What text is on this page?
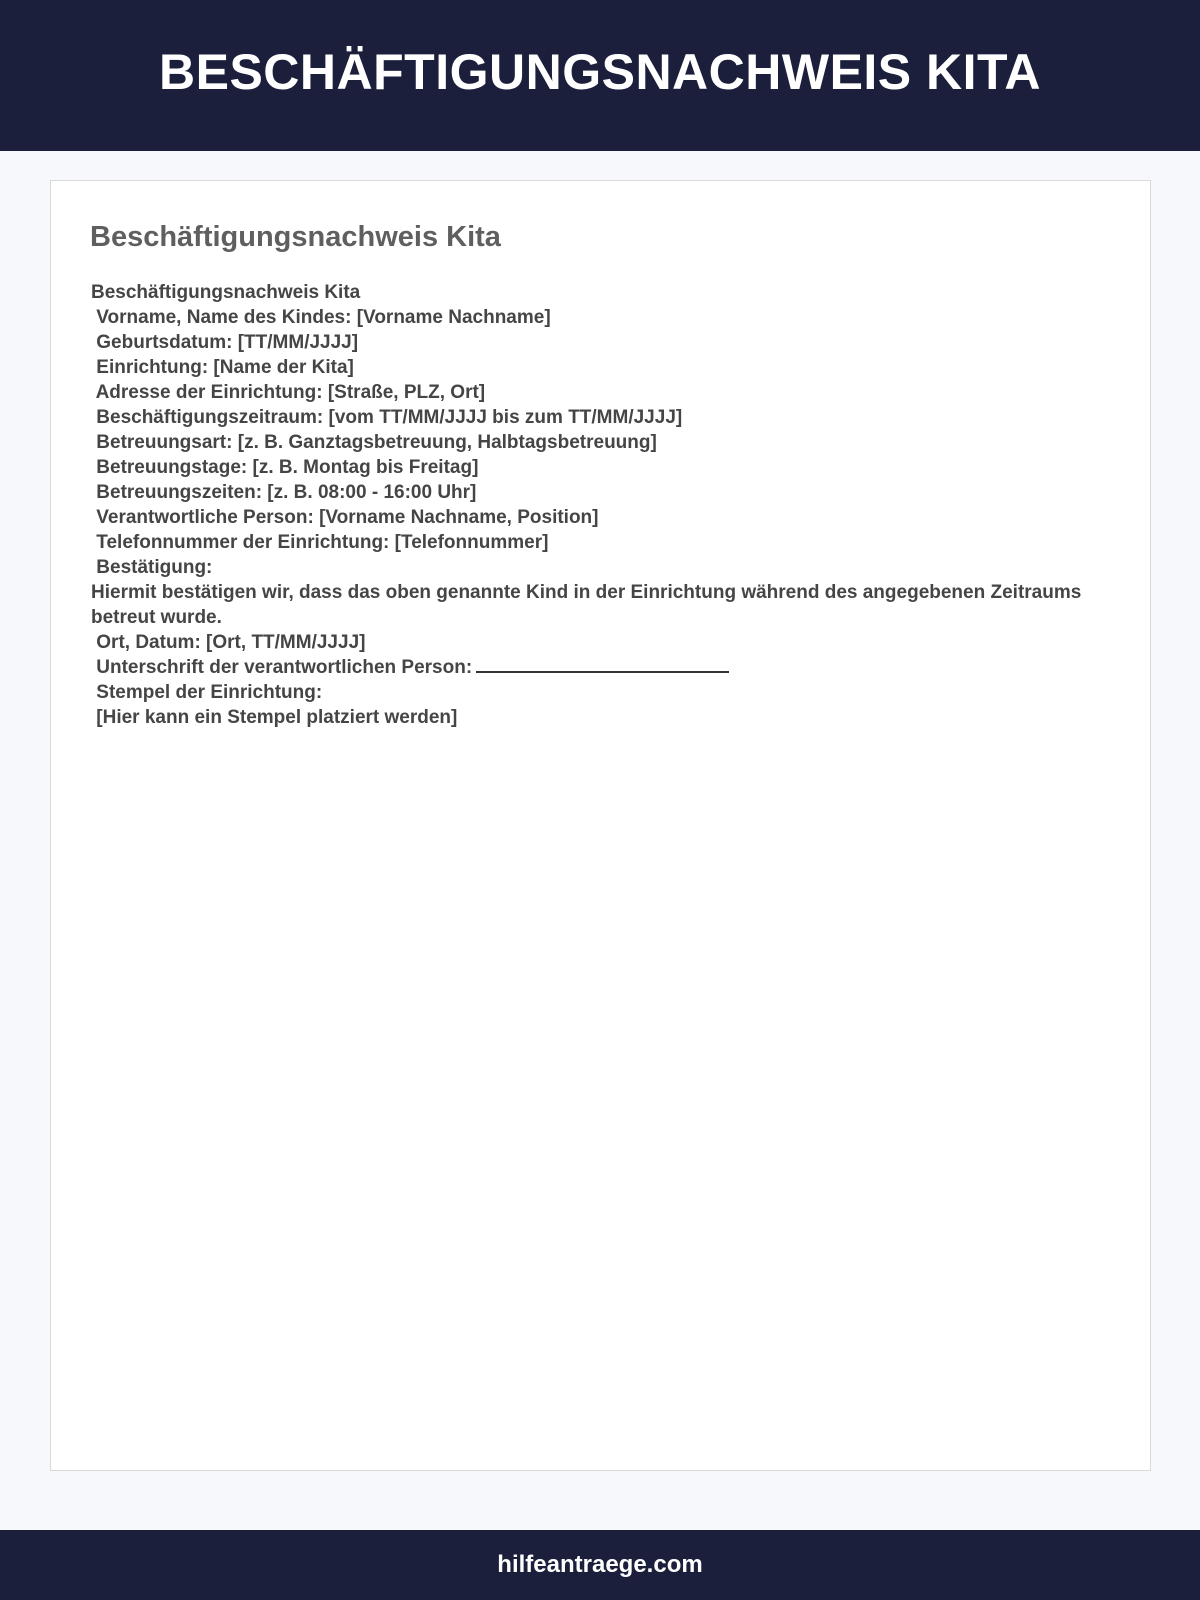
BESCHÄFTIGUNGSNACHWEIS KITA
Beschäftigungsnachweis Kita
Beschäftigungsnachweis Kita
Vorname, Name des Kindes: [Vorname Nachname]
Geburtsdatum: [TT/MM/JJJJ]
Einrichtung: [Name der Kita]
Adresse der Einrichtung: [Straße, PLZ, Ort]
Beschäftigungszeitraum: [vom TT/MM/JJJJ bis zum TT/MM/JJJJ]
Betreuungsart: [z. B. Ganztagsbetreuung, Halbtagsbetreuung]
Betreuungstage: [z. B. Montag bis Freitag]
Betreuungszeiten: [z. B. 08:00 - 16:00 Uhr]
Verantwortliche Person: [Vorname Nachname, Position]
Telefonnummer der Einrichtung: [Telefonnummer]
Bestätigung:
Hiermit bestätigen wir, dass das oben genannte Kind in der Einrichtung während des angegebenen Zeitraums betreut wurde.
Ort, Datum: [Ort, TT/MM/JJJJ]
Unterschrift der verantwortlichen Person:
Stempel der Einrichtung:
[Hier kann ein Stempel platziert werden]
hilfeantraege.com
